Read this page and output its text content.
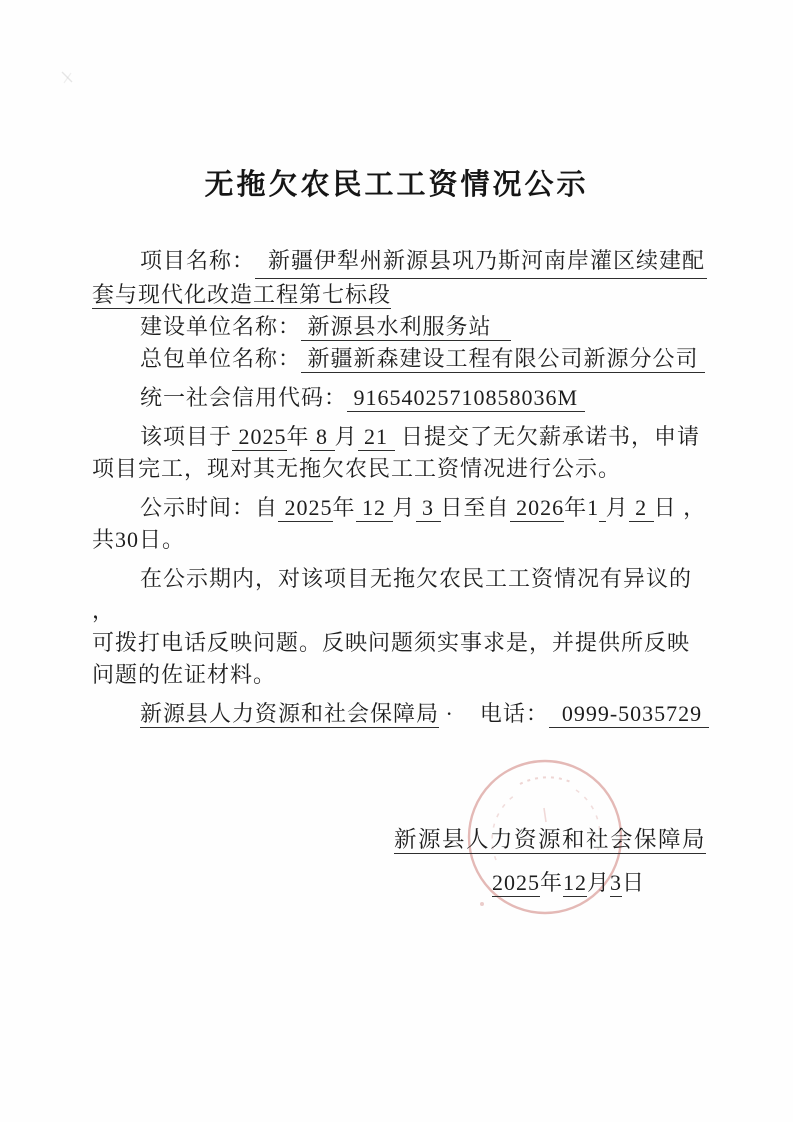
无拖欠农民工工资情况公示

项目名称： 新疆伊犁州新源县巩乃斯河南岸灌区续建配

套与现代化改造工程第七标段

建设单位名称： 新源县水利服务站

总包单位名称： 新疆新森建设工程有限公司新源分公司

统一社会信用代码： 91654025710858036M

该项目于 2025年 8 月 21  日提交了无欠薪承诺书，申请

项目完工，现对其无拖欠农民工工资情况进行公示。

公示时间：自 2025年 12 月 3 日至自 2026年1 月 2 日 ，

共30日。

在公示期内，对该项目无拖欠农民工工资情况有异议的 ，

可拨打电话反映问题。反映问题须实事求是，并提供所反映

问题的佐证材料。

新源县人力资源和社会保障局 ·    电话：  0999-5035729

新源县人力资源和社会保障局
2025年12月3日
